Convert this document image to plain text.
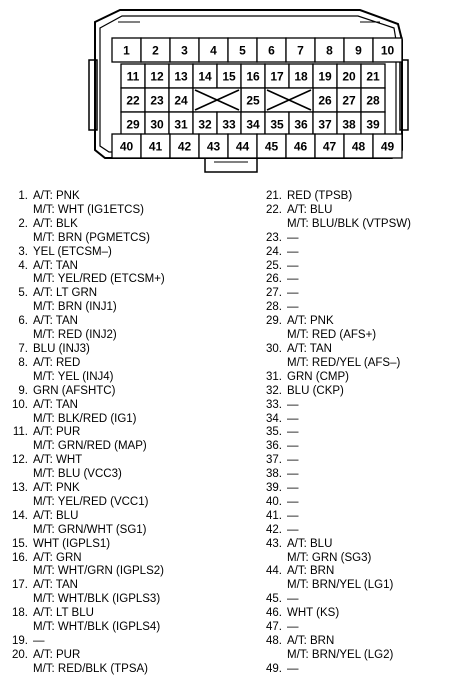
1 2 3 4 5 6 7 8 9 10
11 12 13 14 15 16 17 18 19 20 21
22 23 24	25	26 27 28
29 30 31 32 33 34 35 36 37 38 39
40 41 42 43 44 45 46 47 48 49
1. A/T: PNK
M/T: WHT (IG1ETCS)
2. A/T: BLK
M/T: BRN (PGMETCS)
3. YEL (ETCSM–)
4. A/T: TAN
M/T: YEL/RED (ETCSM+)
5. A/T: LT GRN
M/T: BRN (INJ1)
6. A/T: TAN
M/T: RED (INJ2)
7. BLU (INJ3)
8. A/T: RED
M/T: YEL (INJ4)
9. GRN (AFSHTC)
10. A/T: TAN
M/T: BLK/RED (IG1)
11. A/T: PUR
M/T: GRN/RED (MAP)
12. A/T: WHT
M/T: BLU (VCC3)
13. A/T: PNK
M/T: YEL/RED (VCC1)
14. A/T: BLU
M/T: GRN/WHT (SG1)
15. WHT (IGPLS1)
16. A/T: GRN
M/T: WHT/GRN (IGPLS2)
17. A/T: TAN
M/T: WHT/BLK (IGPLS3)
18. A/T: LT BLU
M/T: WHT/BLK (IGPLS4)
19. —
20. A/T: PUR
M/T: RED/BLK (TPSA)
21. RED (TPSB)
22. A/T: BLU
M/T: BLU/BLK (VTPSW)
23. —
24. —
25. —
26. —
27. —
28. —
29. A/T: PNK
M/T: RED (AFS+)
30. A/T: TAN
M/T: RED/YEL (AFS–)
31. GRN (CMP)
32. BLU (CKP)
33. —
34. —
35. —
36. —
37. —
38. —
39. —
40. —
41. —
42. —
43. A/T: BLU
M/T: GRN (SG3)
44. A/T: BRN
M/T: BRN/YEL (LG1)
45. —
46. WHT (KS)
47. —
48. A/T: BRN
M/T: BRN/YEL (LG2)
49. —
